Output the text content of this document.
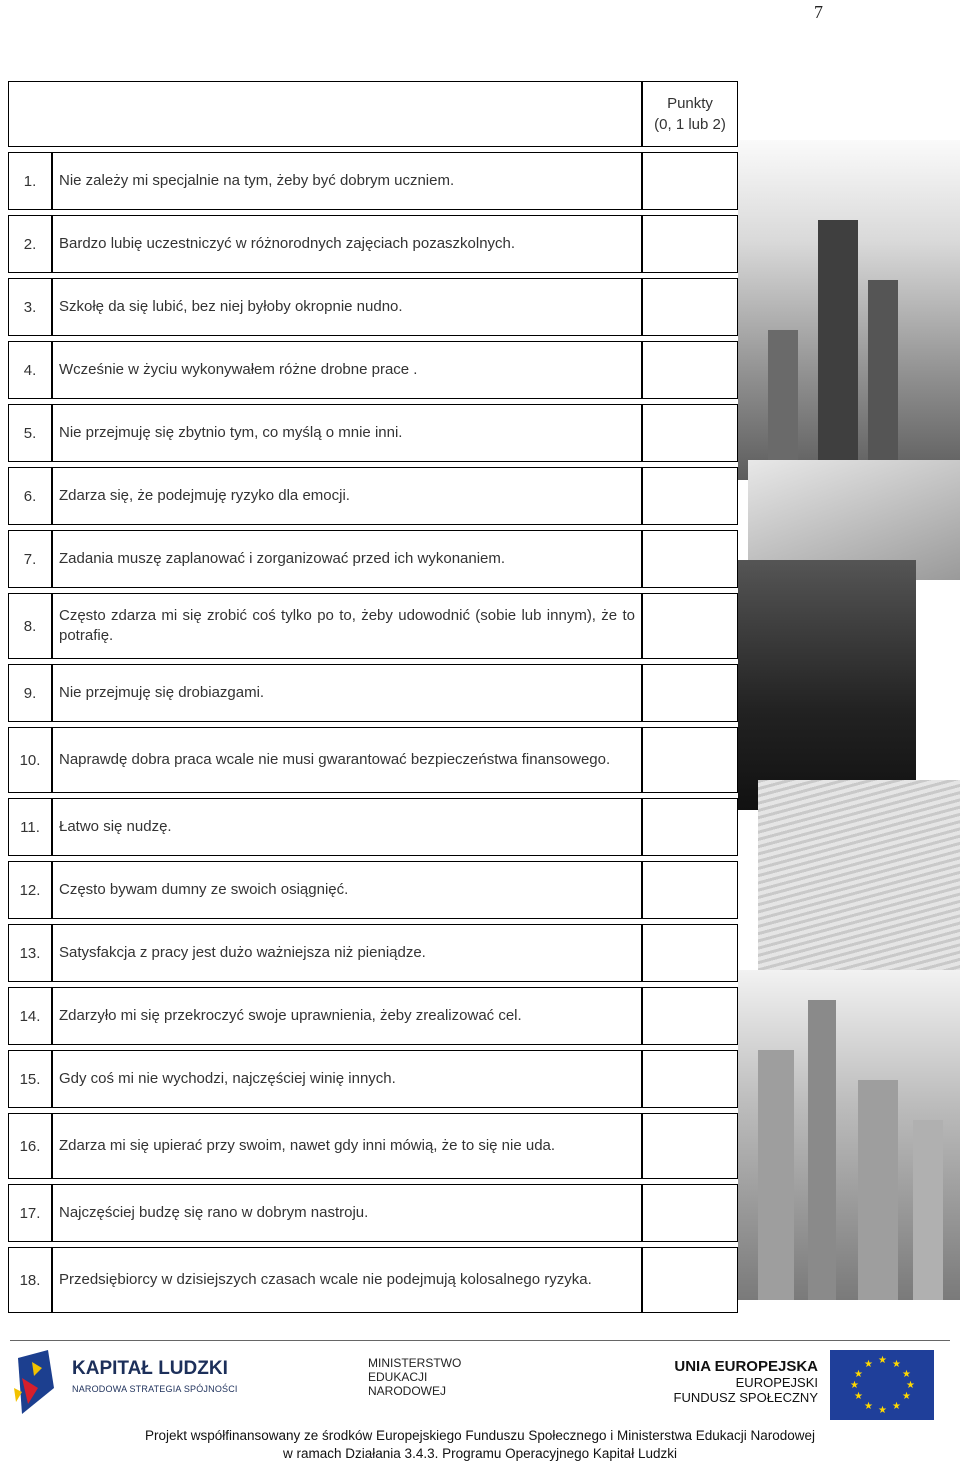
7

		Punkty
(0, 1 lub 2)

1.	Nie zależy mi specjalnie na tym, żeby być dobrym uczniem.	
2.	Bardzo lubię uczestniczyć w różnorodnych zajęciach pozaszkolnych.	
3.	Szkołę da się lubić, bez niej byłoby okropnie nudno.	
4.	Wcześnie w życiu wykonywałem różne drobne prace .	
5.	Nie przejmuję się zbytnio tym, co myślą o mnie inni.	
6.	Zdarza się, że podejmuję ryzyko dla emocji.	
7.	Zadania muszę zaplanować i zorganizować przed ich wykonaniem.	
8.	Często zdarza mi się zrobić coś tylko po to, żeby udowodnić (sobie lub innym), że to potrafię.	
9.	Nie przejmuję się drobiazgami.	
10.	Naprawdę dobra praca wcale nie musi gwarantować bezpieczeństwa finansowego.	
11.	Łatwo się nudzę.	
12.	Często bywam dumny ze swoich osiągnięć.	
13.	Satysfakcja z pracy jest dużo ważniejsza niż pieniądze.	
14.	Zdarzyło mi się przekroczyć swoje uprawnienia, żeby zrealizować cel.	
15.	Gdy coś mi nie wychodzi, najczęściej winię innych.	
16.	Zdarza mi się upierać przy swoim, nawet gdy inni mówią, że to się nie uda.	
17.	Najczęściej budzę się rano w dobrym nastroju.	
18.	Przedsiębiorcy w dzisiejszych czasach wcale nie podejmują kolosalnego ryzyka.	
KAPITAŁ LUDZKI
NARODOWA STRATEGIA SPÓJNOŚCI
MINISTERSTWO
EDUKACJI
NARODOWEJ
UNIA EUROPEJSKA
EUROPEJSKI
FUNDUSZ SPOŁECZNY
★ ★
★
★
★
★
★
★
★
★
★
★
Projekt współfinansowany ze środków Europejskiego Funduszu Społecznego i Ministerstwa Edukacji Narodowej
w ramach Działania 3.4.3. Programu Operacyjnego Kapitał Ludzki
